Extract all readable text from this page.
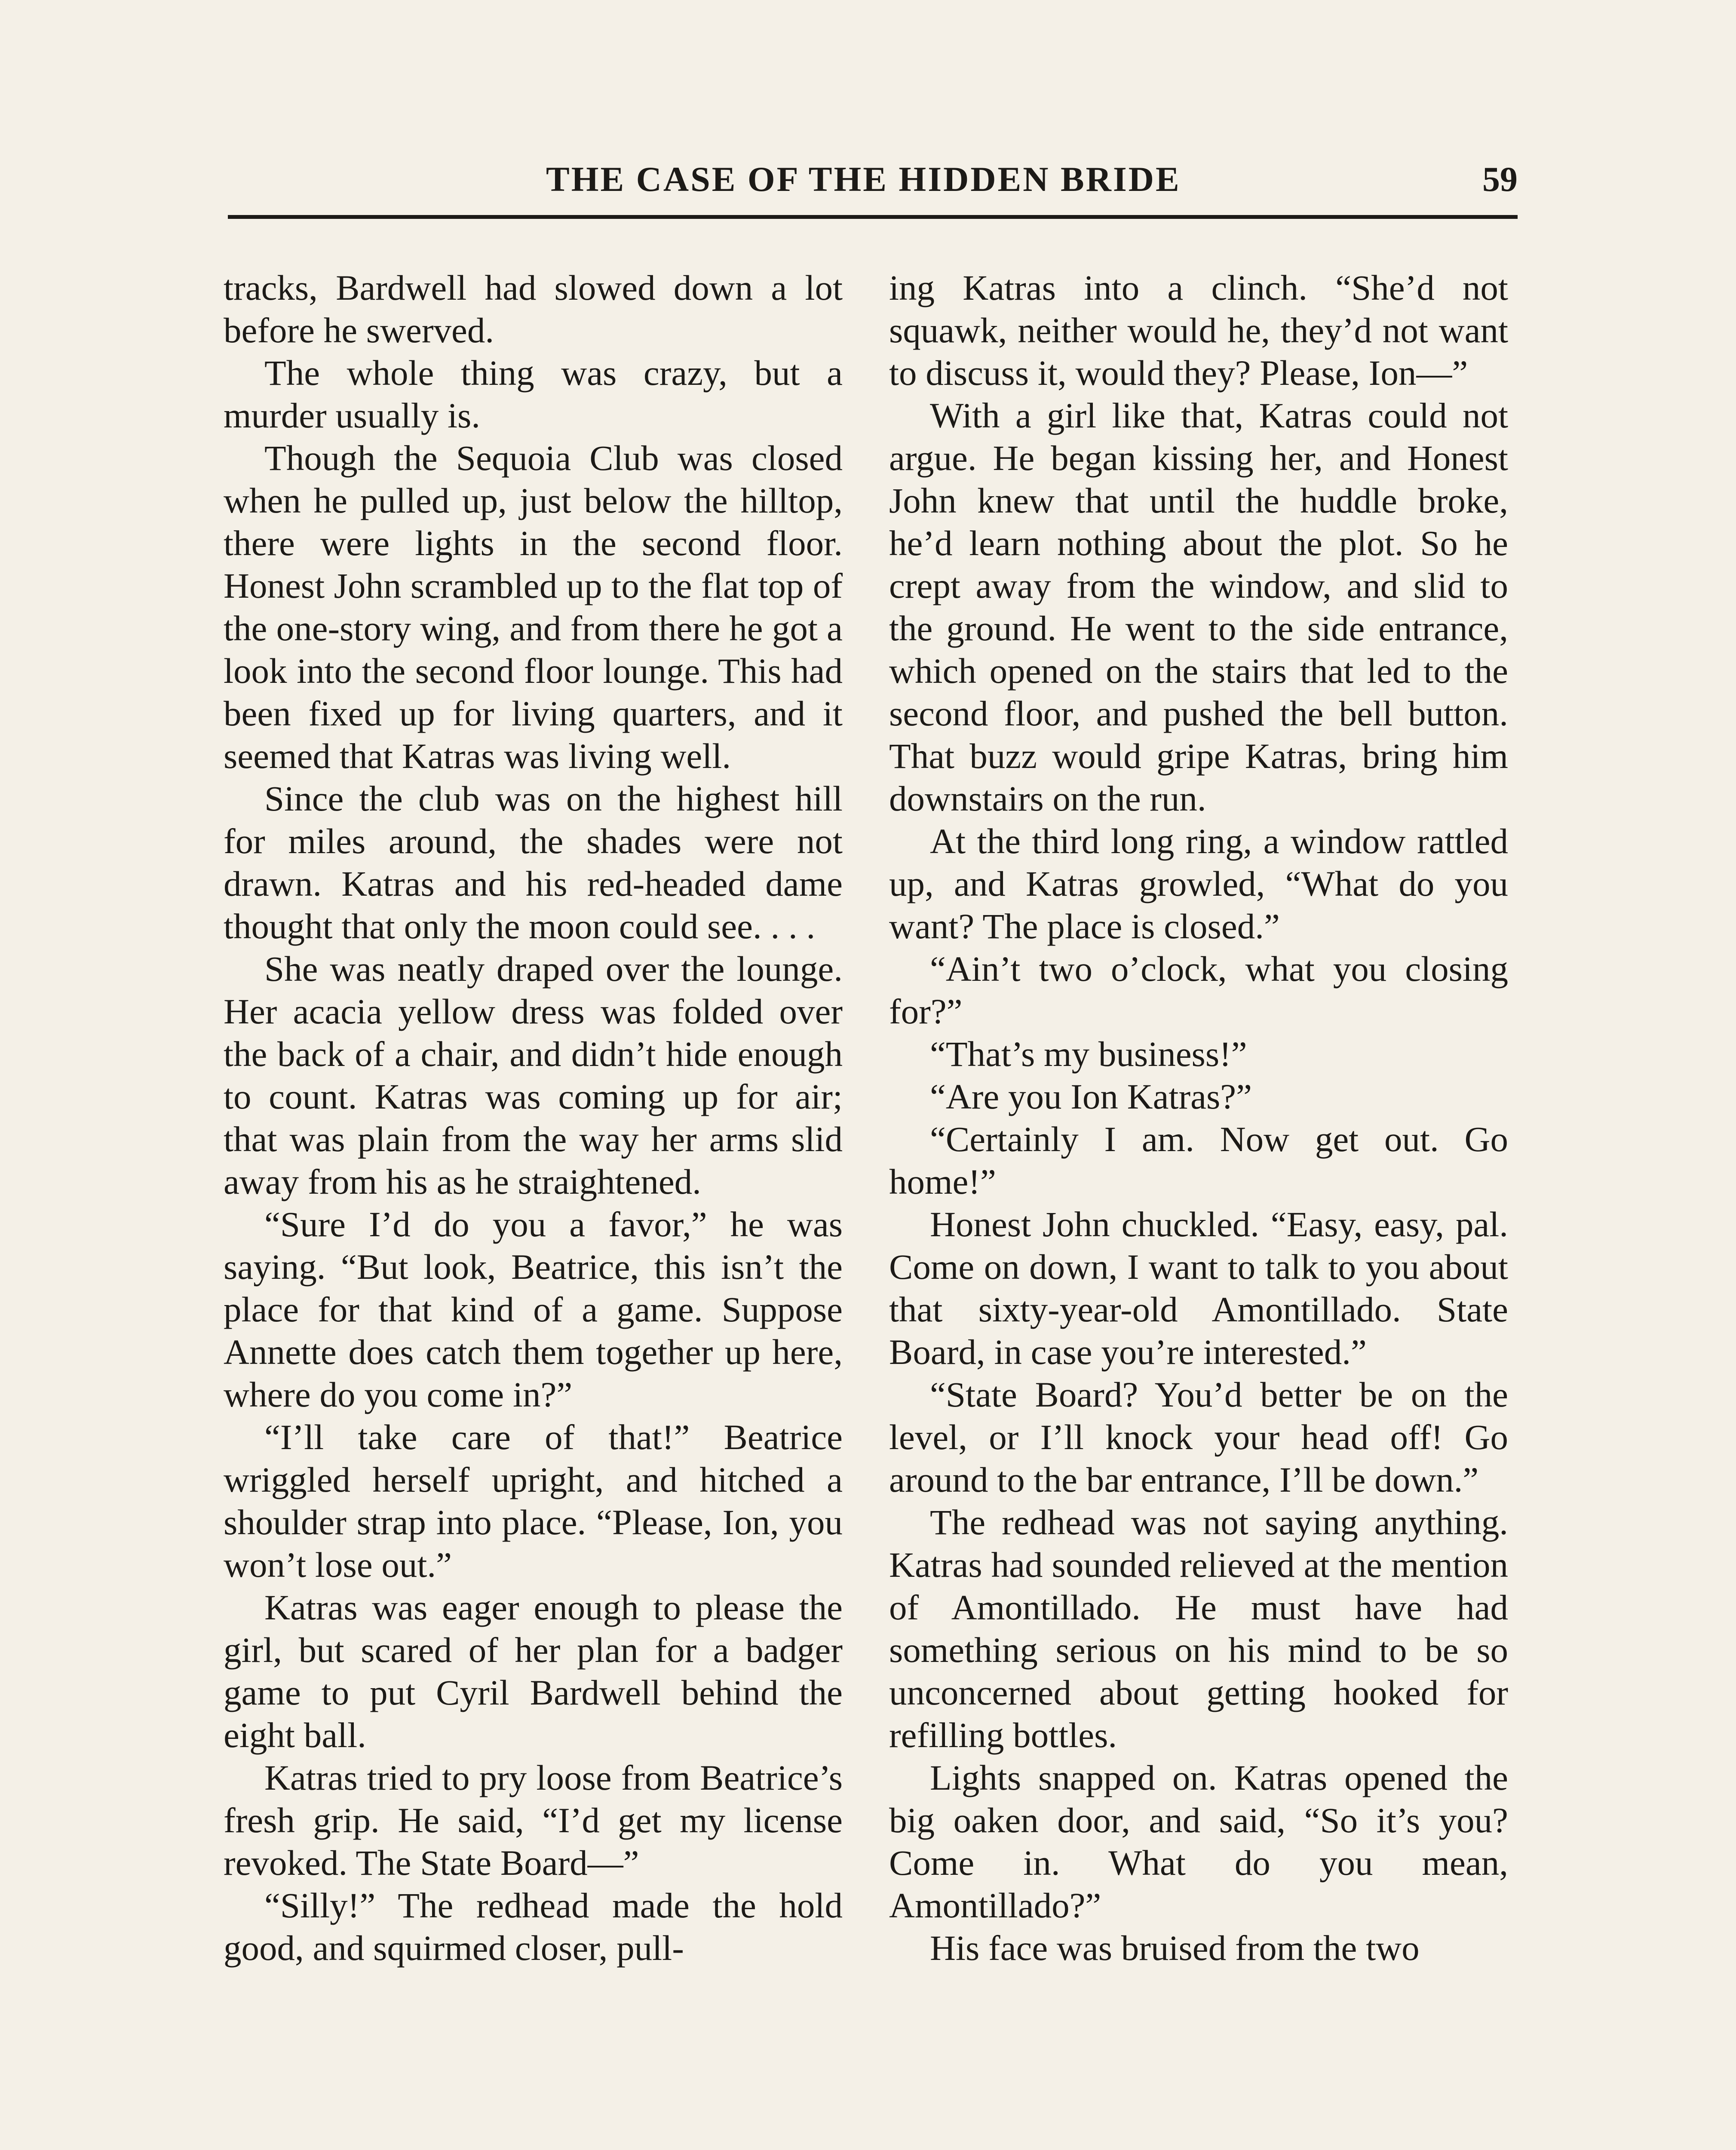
THE CASE OF THE HIDDEN BRIDE	59

tracks, Bardwell had slowed down a lot before he swerved.

The whole thing was crazy, but a murder usually is.

Though the Sequoia Club was closed when he pulled up, just below the hilltop, there were lights in the second floor. Honest John scrambled up to the flat top of the one-story wing, and from there he got a look into the second floor lounge. This had been fixed up for living quarters, and it seemed that Katras was living well.

Since the club was on the highest hill for miles around, the shades were not drawn. Katras and his red-headed dame thought that only the moon could see. . . .

She was neatly draped over the lounge. Her acacia yellow dress was folded over the back of a chair, and didn’t hide enough to count. Katras was coming up for air; that was plain from the way her arms slid away from his as he straightened.

“Sure I’d do you a favor,” he was saying. “But look, Beatrice, this isn’t the place for that kind of a game. Suppose Annette does catch them together up here, where do you come in?”

“I’ll take care of that!” Beatrice wriggled herself upright, and hitched a shoulder strap into place. “Please, Ion, you won’t lose out.”

Katras was eager enough to please the girl, but scared of her plan for a badger game to put Cyril Bardwell behind the eight ball.

Katras tried to pry loose from Beatrice’s fresh grip. He said, “I’d get my license revoked. The State Board—”

“Silly!” The redhead made the hold good, and squirmed closer, pull-

ing Katras into a clinch. “She’d not squawk, neither would he, they’d not want to discuss it, would they? Please, Ion—”

With a girl like that, Katras could not argue. He began kissing her, and Honest John knew that until the huddle broke, he’d learn nothing about the plot. So he crept away from the window, and slid to the ground. He went to the side entrance, which opened on the stairs that led to the second floor, and pushed the bell button. That buzz would gripe Katras, bring him downstairs on the run.

At the third long ring, a window rattled up, and Katras growled, “What do you want? The place is closed.”

“Ain’t two o’clock, what you closing for?”

“That’s my business!”

“Are you Ion Katras?”

“Certainly I am. Now get out. Go home!”

Honest John chuckled. “Easy, easy, pal. Come on down, I want to talk to you about that sixty-year-old Amontillado. State Board, in case you’re interested.”

“State Board? You’d better be on the level, or I’ll knock your head off! Go around to the bar entrance, I’ll be down.”

The redhead was not saying anything. Katras had sounded relieved at the mention of Amontillado. He must have had something serious on his mind to be so unconcerned about getting hooked for refilling bottles.

Lights snapped on. Katras opened the big oaken door, and said, “So it’s you? Come in. What do you mean, Amontillado?”

His face was bruised from the two
